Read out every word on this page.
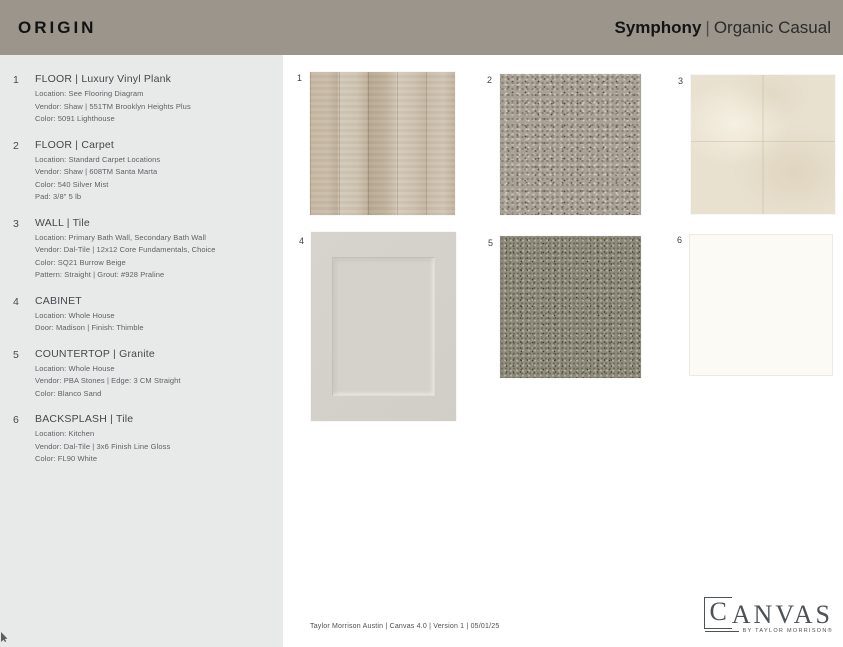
ORIGIN	Symphony | Organic Casual
1	FLOOR | Luxury Vinyl Plank
Location: See Flooring Diagram
Vendor: Shaw | 551TM Brooklyn Heights Plus
Color: 5091 Lighthouse
2	FLOOR | Carpet
Location: Standard Carpet Locations
Vendor: Shaw | 608TM Santa Marta
Color: 540 Silver Mist
Pad: 3/8" 5 lb
3	WALL | Tile
Location: Primary Bath Wall, Secondary Bath Wall
Vendor: Dal-Tile | 12x12 Core Fundamentals, Choice
Color: SQ21 Burrow Beige
Pattern: Straight | Grout: #928 Praline
4	CABINET
Location: Whole House
Door: Madison | Finish: Thimble
5	COUNTERTOP | Granite
Location: Whole House
Vendor: PBA Stones | Edge: 3 CM Straight
Color: Blanco Sand
6	BACKSPLASH | Tile
Location: Kitchen
Vendor: Dal-Tile | 3x6 Finish Line Gloss
Color: FL90 White
1	2	3
4	5	6
Taylor Morrison Austin | Canvas 4.0 | Version 1 | 05/01/25
C ANVAS
BY TAYLOR MORRISON®
